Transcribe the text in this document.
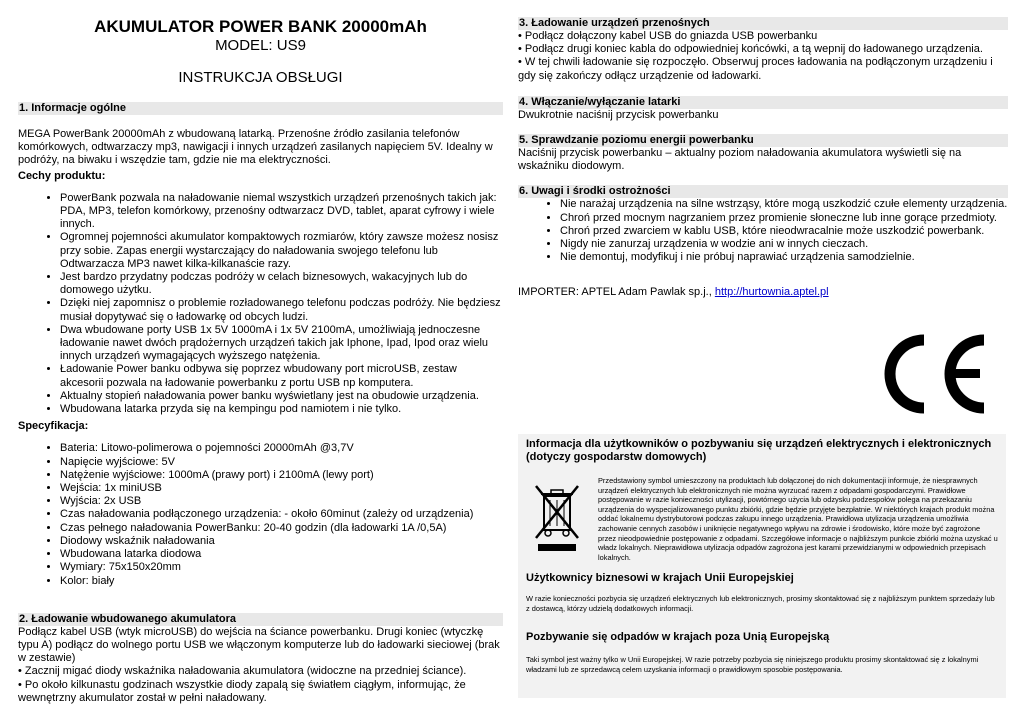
AKUMULATOR POWER BANK 20000mAh
MODEL: US9
INSTRUKCJA OBSŁUGI
1. Informacje ogólne

MEGA PowerBank 20000mAh z wbudowaną latarką. Przenośne źródło zasilania telefonów komórkowych, odtwarzaczy mp3, nawigacji i innych urządzeń zasilanych napięciem 5V. Idealny w podróży, na biwaku i wszędzie tam, gdzie nie ma elektryczności.

Cechy produktu:

• PowerBank pozwala na naładowanie niemal wszystkich urządzeń przenośnych takich jak: PDA, MP3, telefon komórkowy, przenośny odtwarzacz DVD, tablet, aparat cyfrowy i wiele innych.
• Ogromnej pojemności akumulator kompaktowych rozmiarów, który zawsze możesz nosisz przy sobie. Zapas energii wystarczający do naładowania swojego telefonu lub Odtwarzacza MP3 nawet kilka-kilkanaście razy.
• Jest bardzo przydatny podczas podróży w celach biznesowych, wakacyjnych lub do domowego użytku.
• Dzięki niej zapomnisz o problemie rozładowanego telefonu podczas podróży. Nie będziesz musiał dopytywać się o ładowarkę od obcych ludzi.
• Dwa wbudowane porty USB 1x 5V 1000mA i 1x 5V 2100mA, umożliwiają jednoczesne ładowanie nawet dwóch prądożernych urządzeń takich jak Iphone, Ipad, Ipod oraz wielu innych urządzeń wymagających wyższego natężenia.
• Ładowanie Power banku odbywa się poprzez wbudowany port microUSB, zestaw akcesorii pozwala na ładowanie powerbanku z portu USB np komputera.
• Aktualny stopień naładowania power banku wyświetlany jest na obudowie urządzenia.
• Wbudowana latarka przyda się na kempingu pod namiotem i nie tylko.

Specyfikacja:

• Bateria: Litowo-polimerowa o pojemności 20000mAh @3,7V
• Napięcie wyjściowe: 5V
• Natężenie wyjściowe: 1000mA (prawy port) i 2100mA (lewy port)
• Wejścia: 1x miniUSB
• Wyjścia: 2x USB
• Czas naładowania podłączonego urządzenia: - około 60minut (zależy od urządzenia)
• Czas pełnego naładowania PowerBanku: 20-40 godzin (dla ładowarki 1A /0,5A)
• Diodowy wskaźnik naładowania
• Wbudowana latarka diodowa
• Wymiary: 75x150x20mm
• Kolor: biały
2. Ładowanie wbudowanego akumulatora

Podłącz kabel USB (wtyk microUSB) do wejścia na ściance powerbanku. Drugi koniec (wtyczkę typu A) podłącz do wolnego portu USB we włączonym komputerze lub do ładowarki sieciowej (brak w zestawie)

• Zacznij migać diody wskaźnika naładowania akumulatora (widoczne na przedniej ściance).

• Po około kilkunastu godzinach wszystkie diody zapalą się światłem ciągłym, informując, że wewnętrzny akumulator został w pełni naładowany.

3. Ładowanie urządzeń przenośnych

• Podłącz dołączony kabel USB do gniazda USB powerbanku

• Podłącz drugi koniec kabla do odpowiedniej końcówki, a tą wepnij do ładowanego urządzenia.

• W tej chwili ładowanie się rozpoczęło. Obserwuj proces ładowania na podłączonym urządzeniu i gdy się zakończy odłącz urządzenie od ładowarki.

4. Włączanie/wyłączanie latarki

Dwukrotnie naciśnij przycisk powerbanku

5. Sprawdzanie poziomu energii powerbanku

Naciśnij przycisk powerbanku – aktualny poziom naładowania akumulatora wyświetli się na wskaźniku diodowym.

6. Uwagi i środki ostrożności
• Nie narażaj urządzenia na silne wstrząsy, które mogą uszkodzić czułe elementy urządzenia.
• Chroń przed mocnym nagrzaniem przez promienie słoneczne lub inne gorące przedmioty.
• Chroń przed zwarciem w kablu USB, które nieodwracalnie może uszkodzić powerbank.
• Nigdy nie zanurzaj urządzenia w wodzie ani w innych cieczach.
• Nie demontuj, modyfikuj i nie próbuj naprawiać urządzenia samodzielnie.

IMPORTER: APTEL Adam Pawlak sp.j., http://hurtownia.aptel.pl

Informacja dla użytkowników o pozbywaniu się urządzeń elektrycznych i elektronicznych (dotyczy gospodarstw domowych)

Przedstawiony symbol umieszczony na produktach lub dołączonej do nich dokumentacji informuje, że niesprawnych urządzeń elektrycznych lub elektronicznych nie można wyrzucać razem z odpadami gospodarczymi. Prawidłowe postępowanie w razie konieczności utylizacji, powtórnego użycia lub odzysku podzespołów polega na przekazaniu urządzenia do wyspecjalizowanego punktu zbiórki, gdzie będzie przyjęte bezpłatnie. W niektórych krajach produkt można oddać lokalnemu dystrybutorowi podczas zakupu innego urządzenia. Prawidłowa utylizacja urządzenia umożliwia zachowanie cennych zasobów i uniknięcie negatywnego wpływu na zdrowie i środowisko, które może być zagrożone przez nieodpowiednie postępowanie z odpadami. Szczegółowe informacje o najbliższym punkcie zbiórki można uzyskać u władz lokalnych. Nieprawidłowa utylizacja odpadów zagrożona jest karami przewidzianymi w odpowiednich przepisach lokalnych.

Użytkownicy biznesowi w krajach Unii Europejskiej

W razie konieczności pozbycia się urządzeń elektrycznych lub elektronicznych, prosimy skontaktować się z najbliższym punktem sprzedaży lub z dostawcą, którzy udzielą dodatkowych informacji.

Pozbywanie się odpadów w krajach poza Unią Europejską

Taki symbol jest ważny tylko w Unii Europejskej. W razie potrzeby pozbycia się niniejszego produktu prosimy skontaktować się z lokalnymi władzami lub ze sprzedawcą celem uzyskania informacji o prawidłowym sposobie postępowania.
